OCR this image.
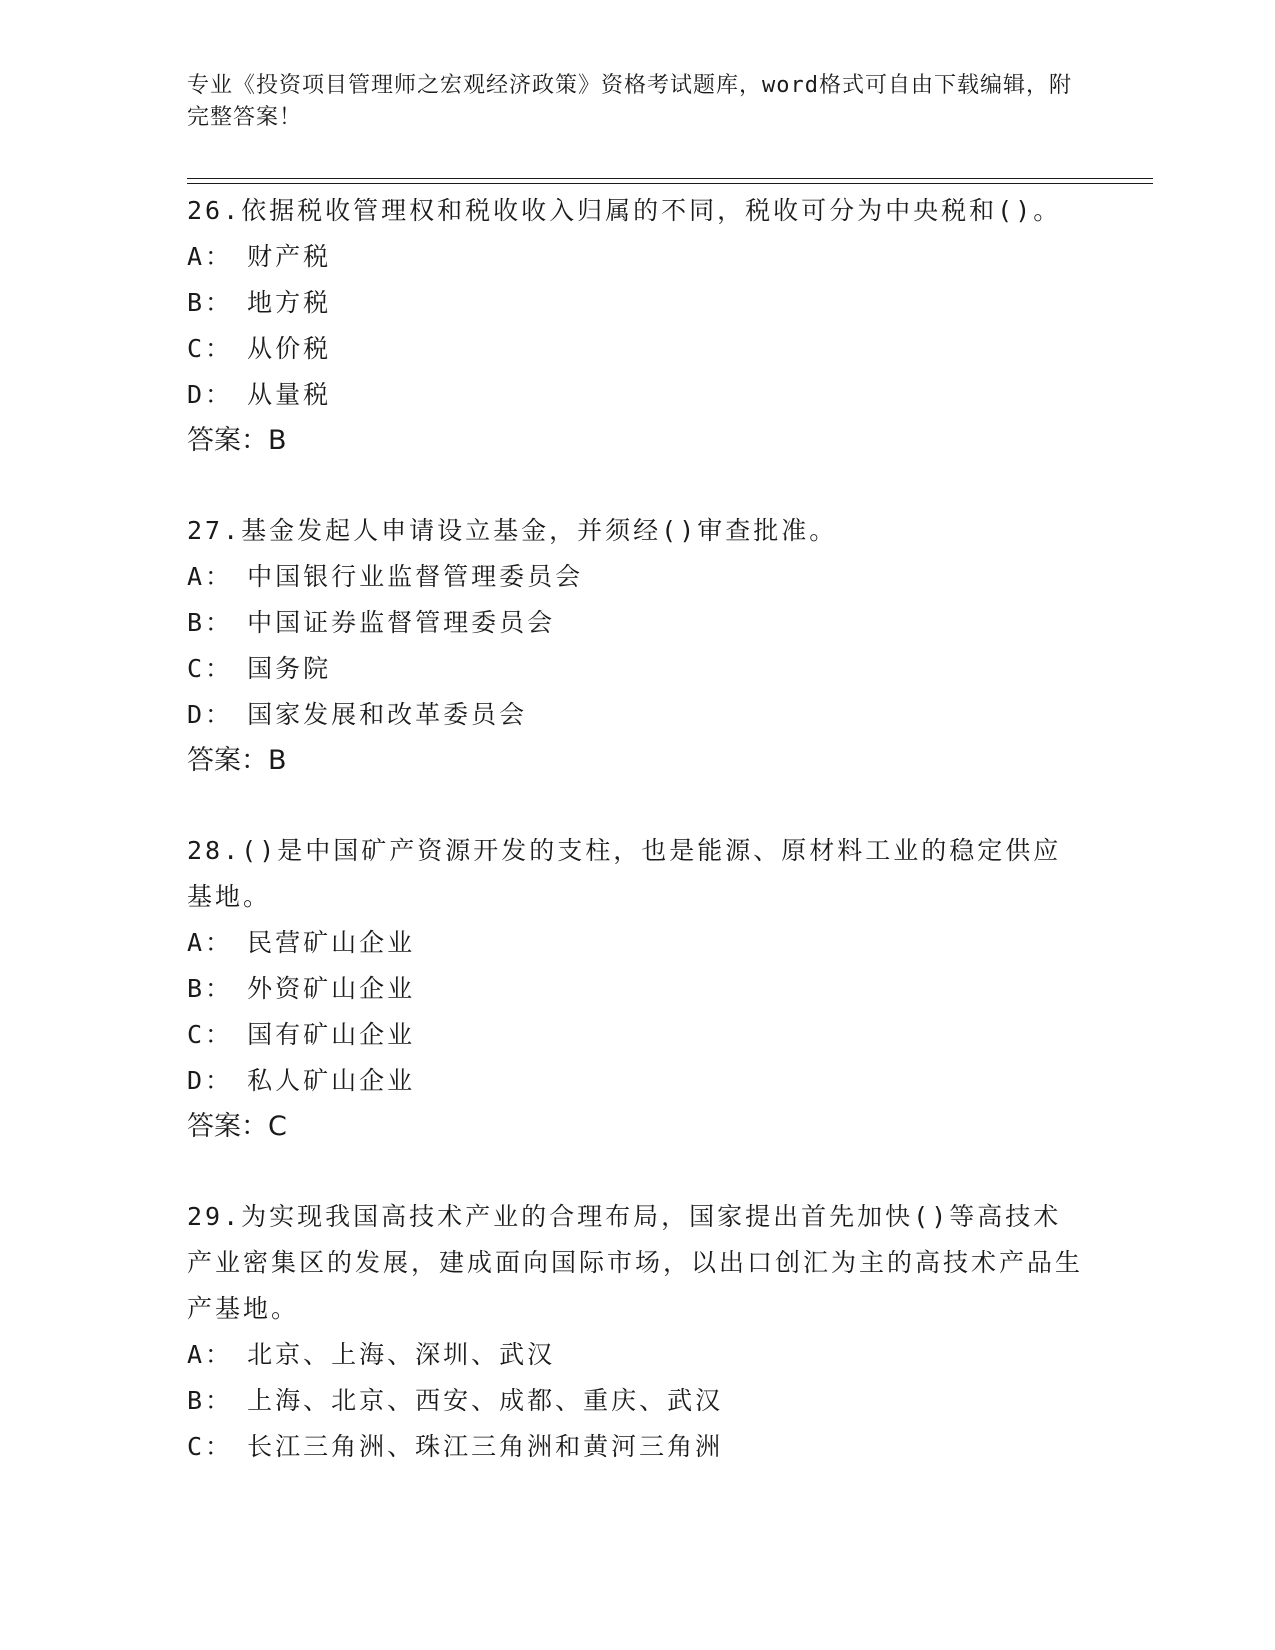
专业《投资项目管理师之宏观经济政策》资格考试题库，word格式可自由下载编辑，附完整答案！

26.依据税收管理权和税收收入归属的不同，税收可分为中央税和()。

A： 财产税

B： 地方税

C： 从价税

D： 从量税

答案：B

27.基金发起人申请设立基金，并须经()审查批准。

A： 中国银行业监督管理委员会

B： 中国证券监督管理委员会

C： 国务院

D： 国家发展和改革委员会

答案：B

28.()是中国矿产资源开发的支柱，也是能源、原材料工业的稳定供应基地。

A： 民营矿山企业

B： 外资矿山企业

C： 国有矿山企业

D： 私人矿山企业

答案：C

29.为实现我国高技术产业的合理布局，国家提出首先加快()等高技术产业密集区的发展，建成面向国际市场，以出口创汇为主的高技术产品生产基地。

A： 北京、上海、深圳、武汉

B： 上海、北京、西安、成都、重庆、武汉

C： 长江三角洲、珠江三角洲和黄河三角洲
